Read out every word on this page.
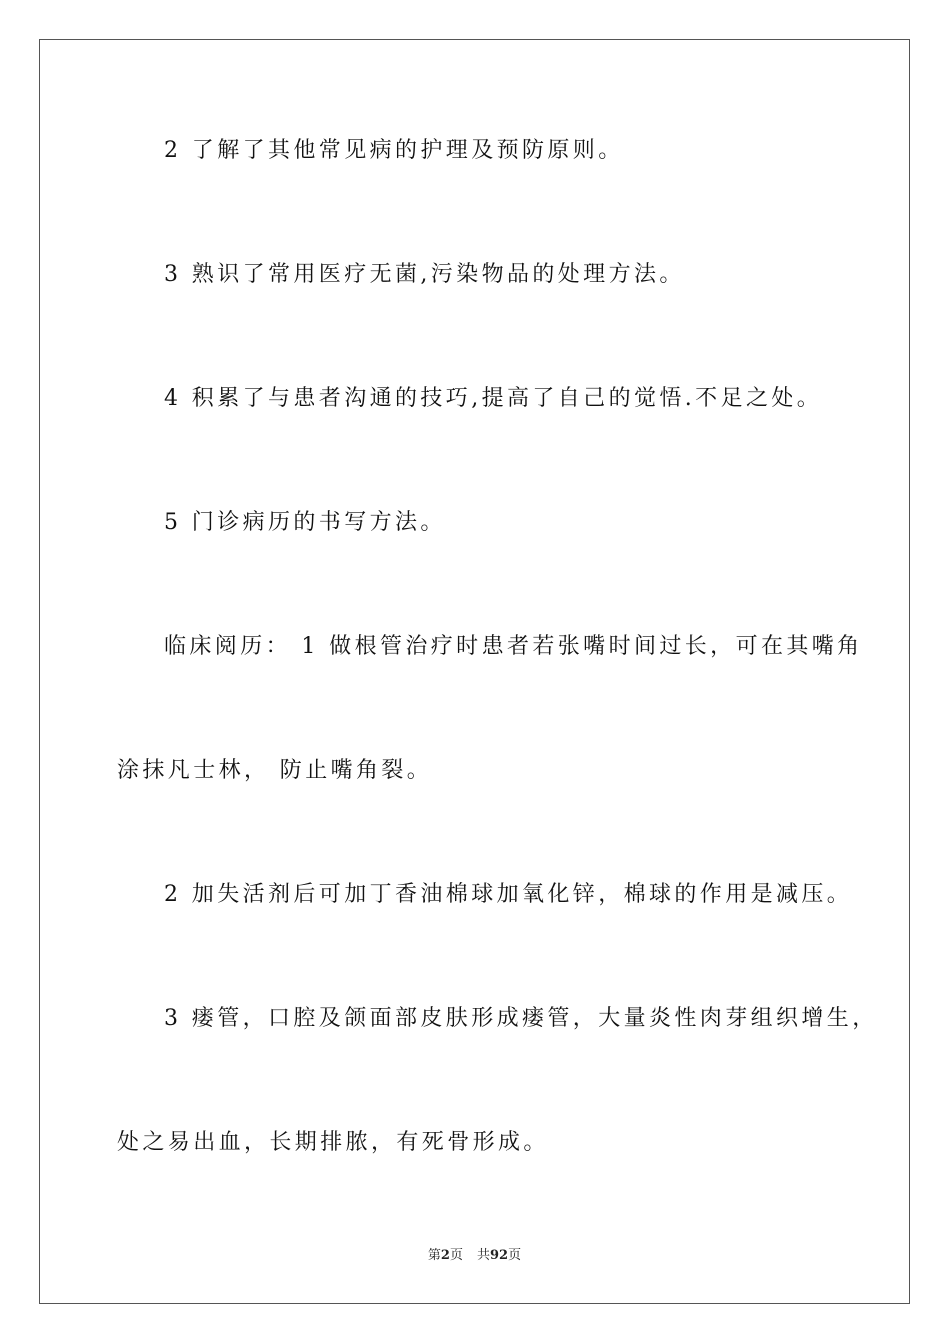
2 了解了其他常见病的护理及预防原则。
3 熟识了常用医疗无菌,污染物品的处理方法。
4 积累了与患者沟通的技巧,提高了自己的觉悟.不足之处。
5 门诊病历的书写方法。
临床阅历： 1 做根管治疗时患者若张嘴时间过长，可在其嘴角
涂抹凡士林， 防止嘴角裂。
2 加失活剂后可加丁香油棉球加氧化锌，棉球的作用是减压。
3 瘘管，口腔及颌面部皮肤形成瘘管，大量炎性肉芽组织增生，
处之易出血，长期排脓，有死骨形成。
第2页 共92页
